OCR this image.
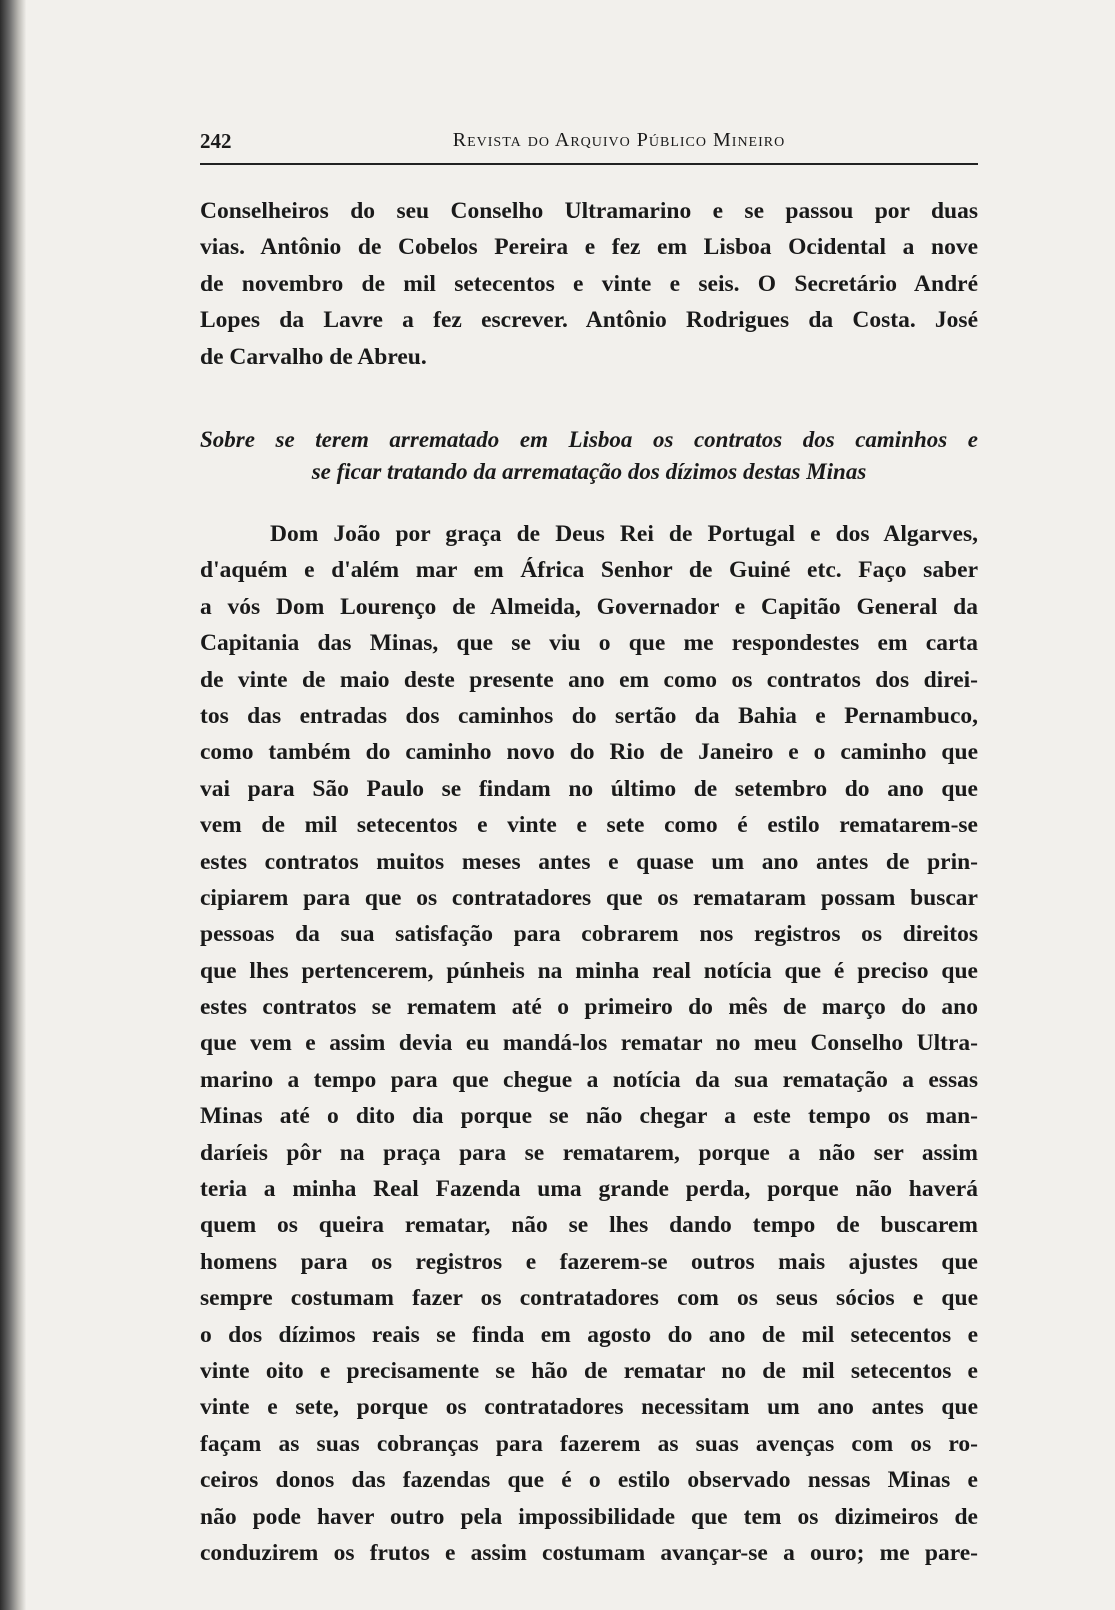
242	Revista do Arquivo Público Mineiro
Conselheiros do seu Conselho Ultramarino e se passou por duas
vias. Antônio de Cobelos Pereira e fez em Lisboa Ocidental a nove
de novembro de mil setecentos e vinte e seis. O Secretário André
Lopes da Lavre a fez escrever. Antônio Rodrigues da Costa. José
de Carvalho de Abreu.
Sobre se terem arrematado em Lisboa os contratos dos caminhos e
se ficar tratando da arrematação dos dízimos destas Minas
Dom João por graça de Deus Rei de Portugal e dos Algarves,
d'aquém e d'além mar em África Senhor de Guiné etc. Faço saber
a vós Dom Lourenço de Almeida, Governador e Capitão General da
Capitania das Minas, que se viu o que me respondestes em carta
de vinte de maio deste presente ano em como os contratos dos direi-
tos das entradas dos caminhos do sertão da Bahia e Pernambuco,
como também do caminho novo do Rio de Janeiro e o caminho que
vai para São Paulo se findam no último de setembro do ano que
vem de mil setecentos e vinte e sete como é estilo rematarem-se
estes contratos muitos meses antes e quase um ano antes de prin-
cipiarem para que os contratadores que os remataram possam buscar
pessoas da sua satisfação para cobrarem nos registros os direitos
que lhes pertencerem, púnheis na minha real notícia que é preciso que
estes contratos se rematem até o primeiro do mês de março do ano
que vem e assim devia eu mandá-los rematar no meu Conselho Ultra-
marino a tempo para que chegue a notícia da sua rematação a essas
Minas até o dito dia porque se não chegar a este tempo os man-
daríeis pôr na praça para se rematarem, porque a não ser assim
teria a minha Real Fazenda uma grande perda, porque não haverá
quem os queira rematar, não se lhes dando tempo de buscarem
homens para os registros e fazerem-se outros mais ajustes que
sempre costumam fazer os contratadores com os seus sócios e que
o dos dízimos reais se finda em agosto do ano de mil setecentos e
vinte oito e precisamente se hão de rematar no de mil setecentos e
vinte e sete, porque os contratadores necessitam um ano antes que
façam as suas cobranças para fazerem as suas avenças com os ro-
ceiros donos das fazendas que é o estilo observado nessas Minas e
não pode haver outro pela impossibilidade que tem os dizimeiros de
conduzirem os frutos e assim costumam avançar-se a ouro; me pare-
